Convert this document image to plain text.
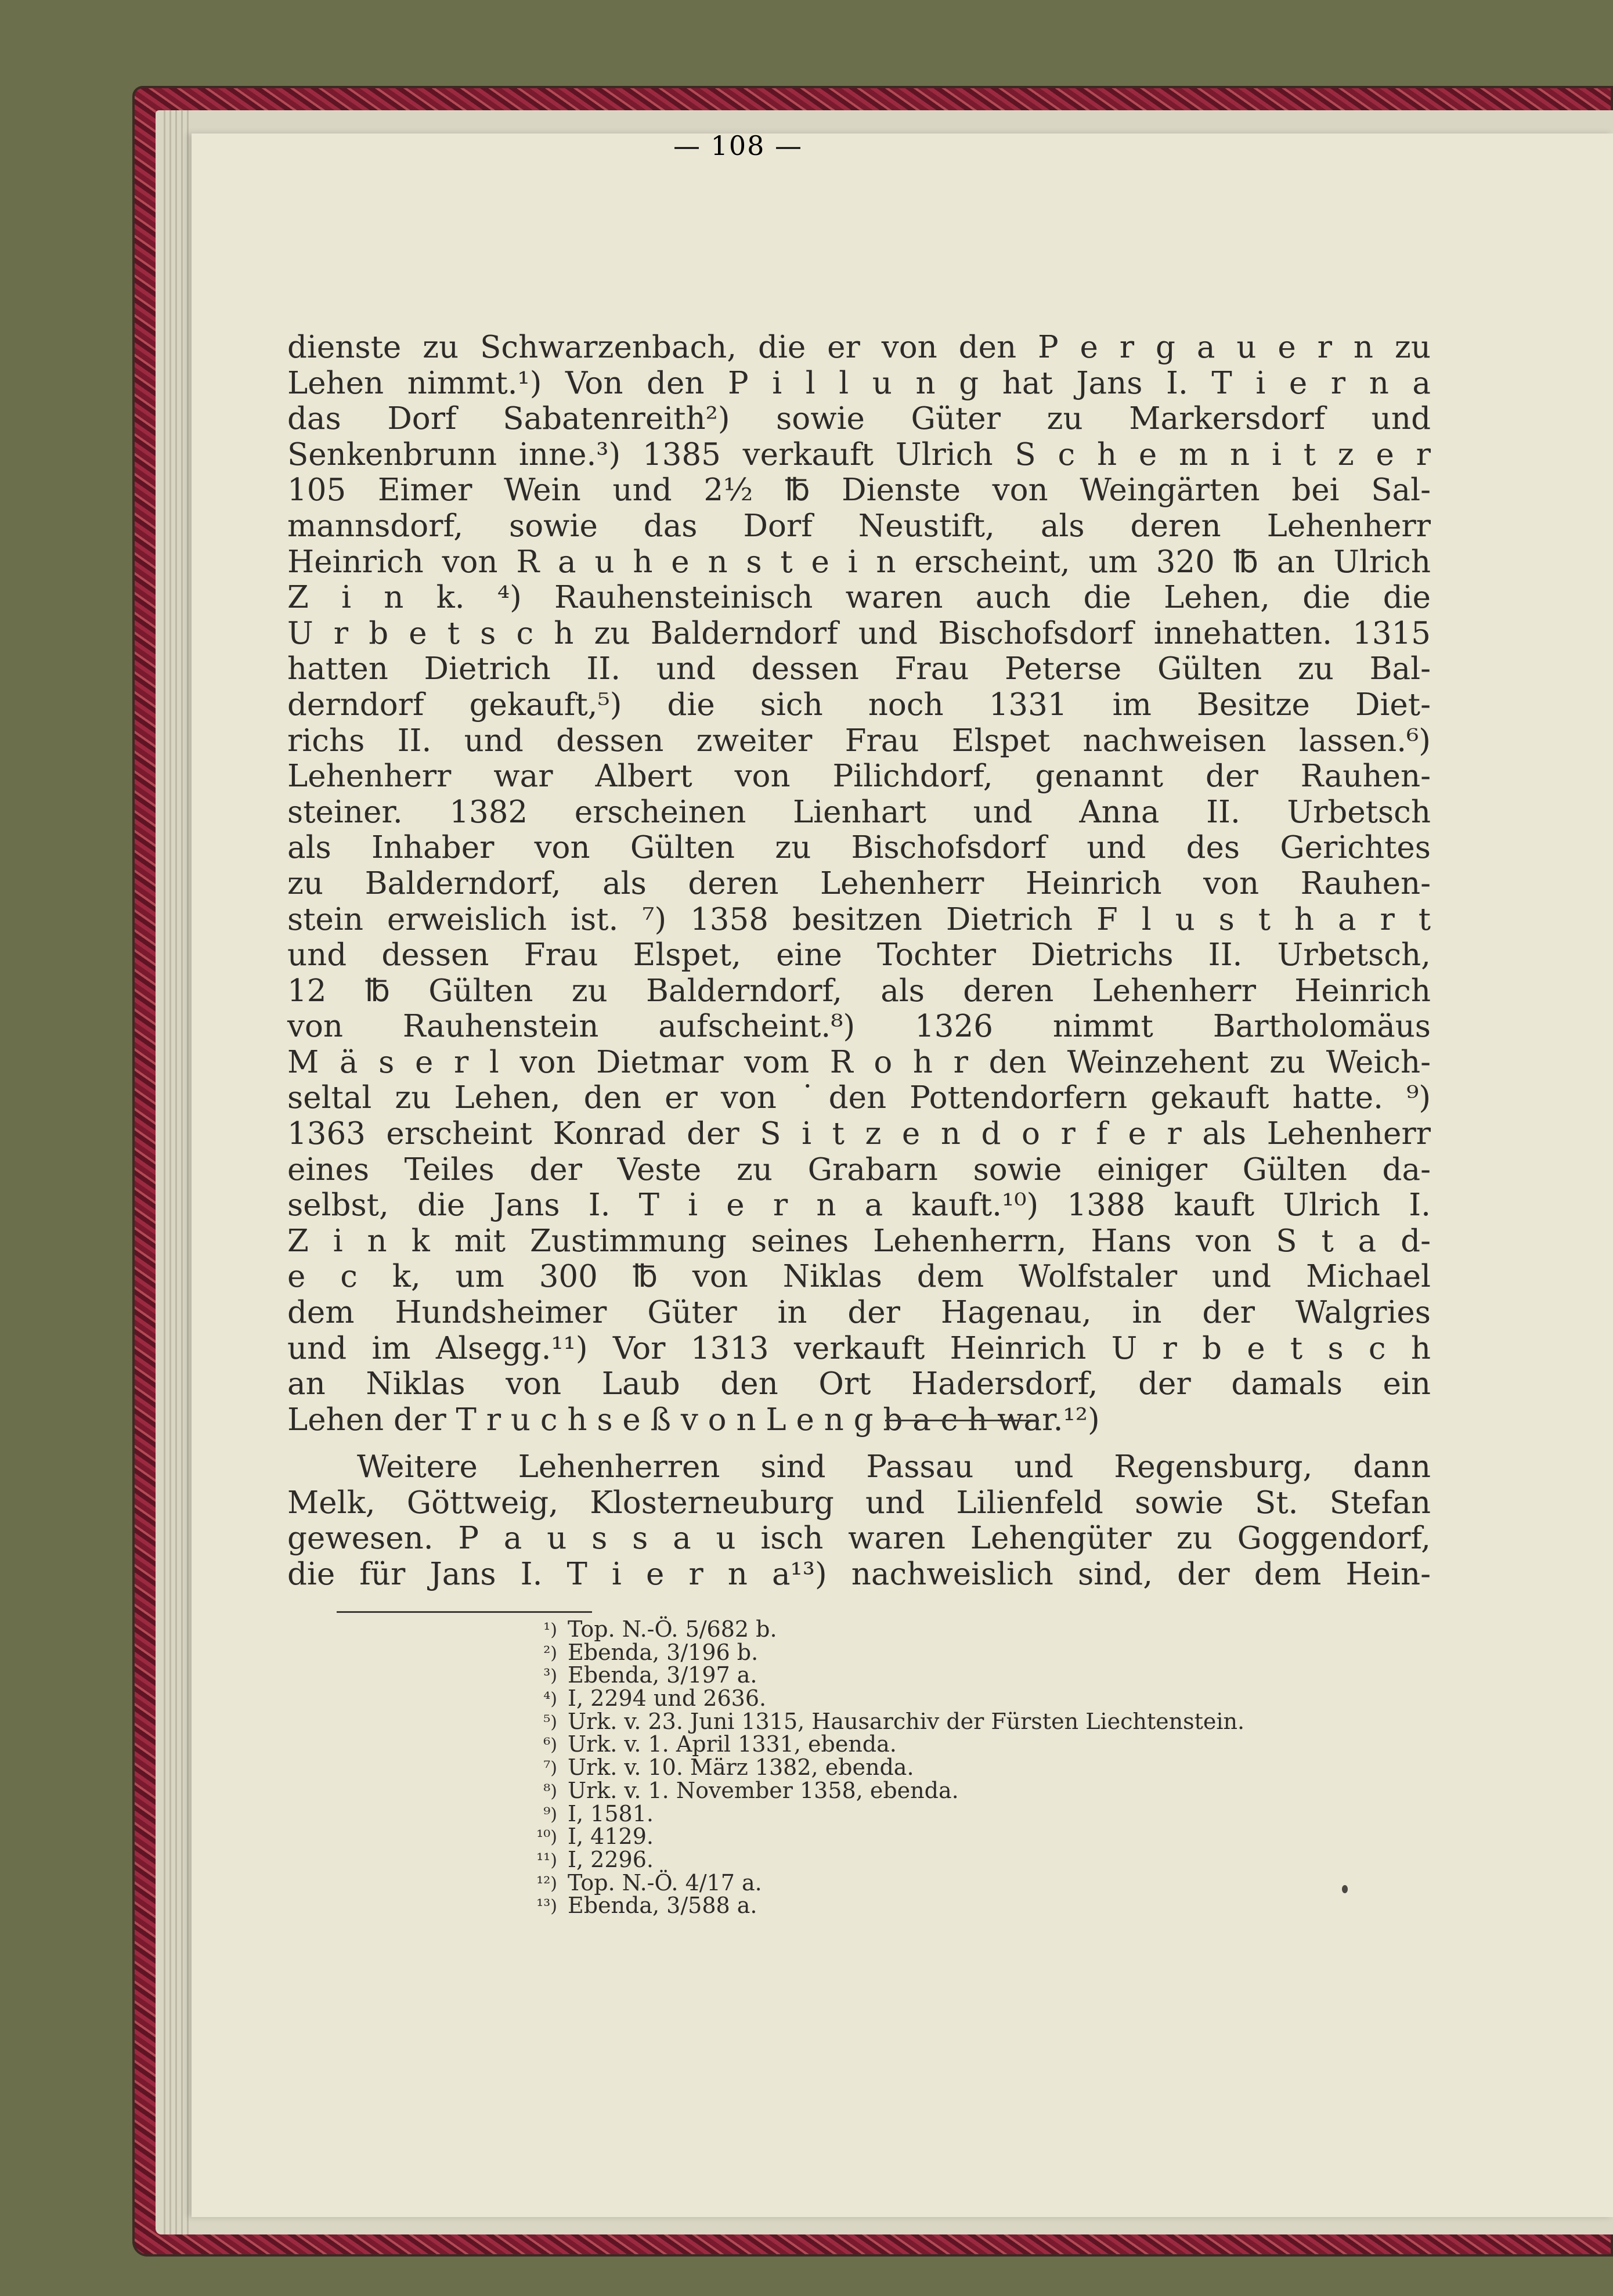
— 108 —
dienste zu Schwarzenbach, die er von den P e r g a u e r n zu
Lehen nimmt.¹) Von den P i l l u n g hat Jans I. T i e r n a
das Dorf Sabatenreith²) sowie Güter zu Markersdorf und
Senkenbrunn inne.³) 1385 verkauft Ulrich S c h e m n i t z e r
105 Eimer Wein und 2½ ℔ Dienste von Weingärten bei Sal-
mannsdorf, sowie das Dorf Neustift, als deren Lehenherr
Heinrich von R a u h e n s t e i n erscheint, um 320 ℔ an Ulrich
Z i n k. ⁴) Rauhensteinisch waren auch die Lehen, die die
U r b e t s c h zu Balderndorf und Bischofsdorf innehatten. 1315
hatten Dietrich II. und dessen Frau Peterse Gülten zu Bal-
derndorf gekauft,⁵) die sich noch 1331 im Besitze Diet-
richs II. und dessen zweiter Frau Elspet nachweisen lassen.⁶)
Lehenherr war Albert von Pilichdorf, genannt der Rauhen-
steiner. 1382 erscheinen Lienhart und Anna II. Urbetsch
als Inhaber von Gülten zu Bischofsdorf und des Gerichtes
zu Balderndorf, als deren Lehenherr Heinrich von Rauhen-
stein erweislich ist. ⁷) 1358 besitzen Dietrich F l u s t h a r t
und dessen Frau Elspet, eine Tochter Dietrichs II. Urbetsch,
12 ℔ Gülten zu Balderndorf, als deren Lehenherr Heinrich
von Rauhenstein aufscheint.⁸) 1326 nimmt Bartholomäus
M ä s e r l von Dietmar vom R o h r den Weinzehent zu Weich-
seltal zu Lehen, den er von ˙den Pottendorfern gekauft hatte. ⁹)
1363 erscheint Konrad der S i t z e n d o r f e r als Lehenherr
eines Teiles der Veste zu Grabarn sowie einiger Gülten da-
selbst, die Jans I. T i e r n a kauft.¹⁰) 1388 kauft Ulrich I.
Z i n k mit Zustimmung seines Lehenherrn, Hans von S t a d-
e c k, um 300 ℔ von Niklas dem Wolfstaler und Michael
dem Hundsheimer Güter in der Hagenau, in der Walgries
und im Alsegg.¹¹) Vor 1313 verkauft Heinrich U r b e t s c h
an Niklas von Laub den Ort Hadersdorf, der damals ein
Lehen der T r u c h s e ß v o n L e n g b a c h war.¹²)
Weitere Lehenherren sind Passau und Regensburg, dann
Melk, Göttweig, Klosterneuburg und Lilienfeld sowie St. Stefan
gewesen. P a u s s a u isch waren Lehengüter zu Goggendorf,
die für Jans I. T i e r n a¹³) nachweislich sind, der dem Hein-
¹) Top. N.-Ö. 5/682 b.
²) Ebenda, 3/196 b.
³) Ebenda, 3/197 a.
⁴) I, 2294 und 2636.
⁵) Urk. v. 23. Juni 1315, Hausarchiv der Fürsten Liechtenstein.
⁶) Urk. v. 1. April 1331, ebenda.
⁷) Urk. v. 10. März 1382, ebenda.
⁸) Urk. v. 1. November 1358, ebenda.
⁹) I, 1581.
¹⁰) I, 4129.
¹¹) I, 2296.
¹²) Top. N.-Ö. 4/17 a.
¹³) Ebenda, 3/588 a.
